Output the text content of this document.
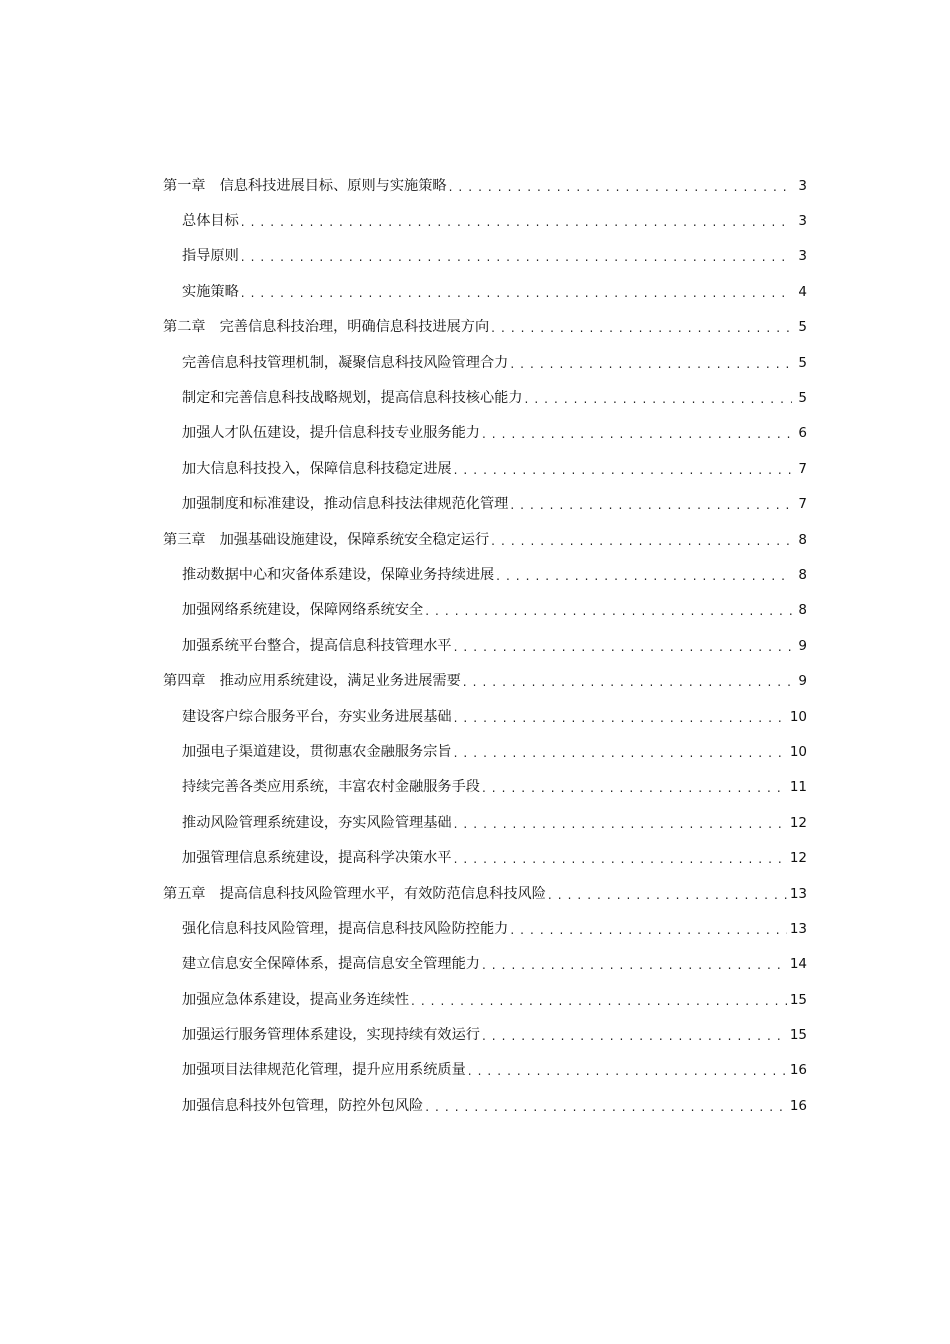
第一章 信息科技进展目标、原则与实施策略 . . .	3
总体目标 . . .	3
指导原则 . . .	3
实施策略 . . .	4
第二章 完善信息科技治理，明确信息科技进展方向 . . .	5
完善信息科技管理机制，凝聚信息科技风险管理合力 . . .	5
制定和完善信息科技战略规划，提高信息科技核心能力 . . .	5
加强人才队伍建设，提升信息科技专业服务能力 . . .	6
加大信息科技投入，保障信息科技稳定进展 . . .	7
加强制度和标准建设，推动信息科技法律规范化管理 . . .	7
第三章 加强基础设施建设，保障系统安全稳定运行 . . .	8
推动数据中心和灾备体系建设，保障业务持续进展 . . .	8
加强网络系统建设，保障网络系统安全 . . .	8
加强系统平台整合，提高信息科技管理水平 . . .	9
第四章 推动应用系统建设，满足业务进展需要 . . .	9
建设客户综合服务平台，夯实业务进展基础 . . .	10
加强电子渠道建设，贯彻惠农金融服务宗旨 . . .	10
持续完善各类应用系统，丰富农村金融服务手段 . . .	11
推动风险管理系统建设，夯实风险管理基础 . . .	12
加强管理信息系统建设，提高科学决策水平 . . .	12
第五章 提高信息科技风险管理水平，有效防范信息科技风险 . . .	13
强化信息科技风险管理，提高信息科技风险防控能力 . . .	13
建立信息安全保障体系，提高信息安全管理能力 . . .	14
加强应急体系建设，提高业务连续性 . . .	15
加强运行服务管理体系建设，实现持续有效运行 . . .	15
加强项目法律规范化管理，提升应用系统质量 . . .	16
加强信息科技外包管理，防控外包风险 . . .	16
